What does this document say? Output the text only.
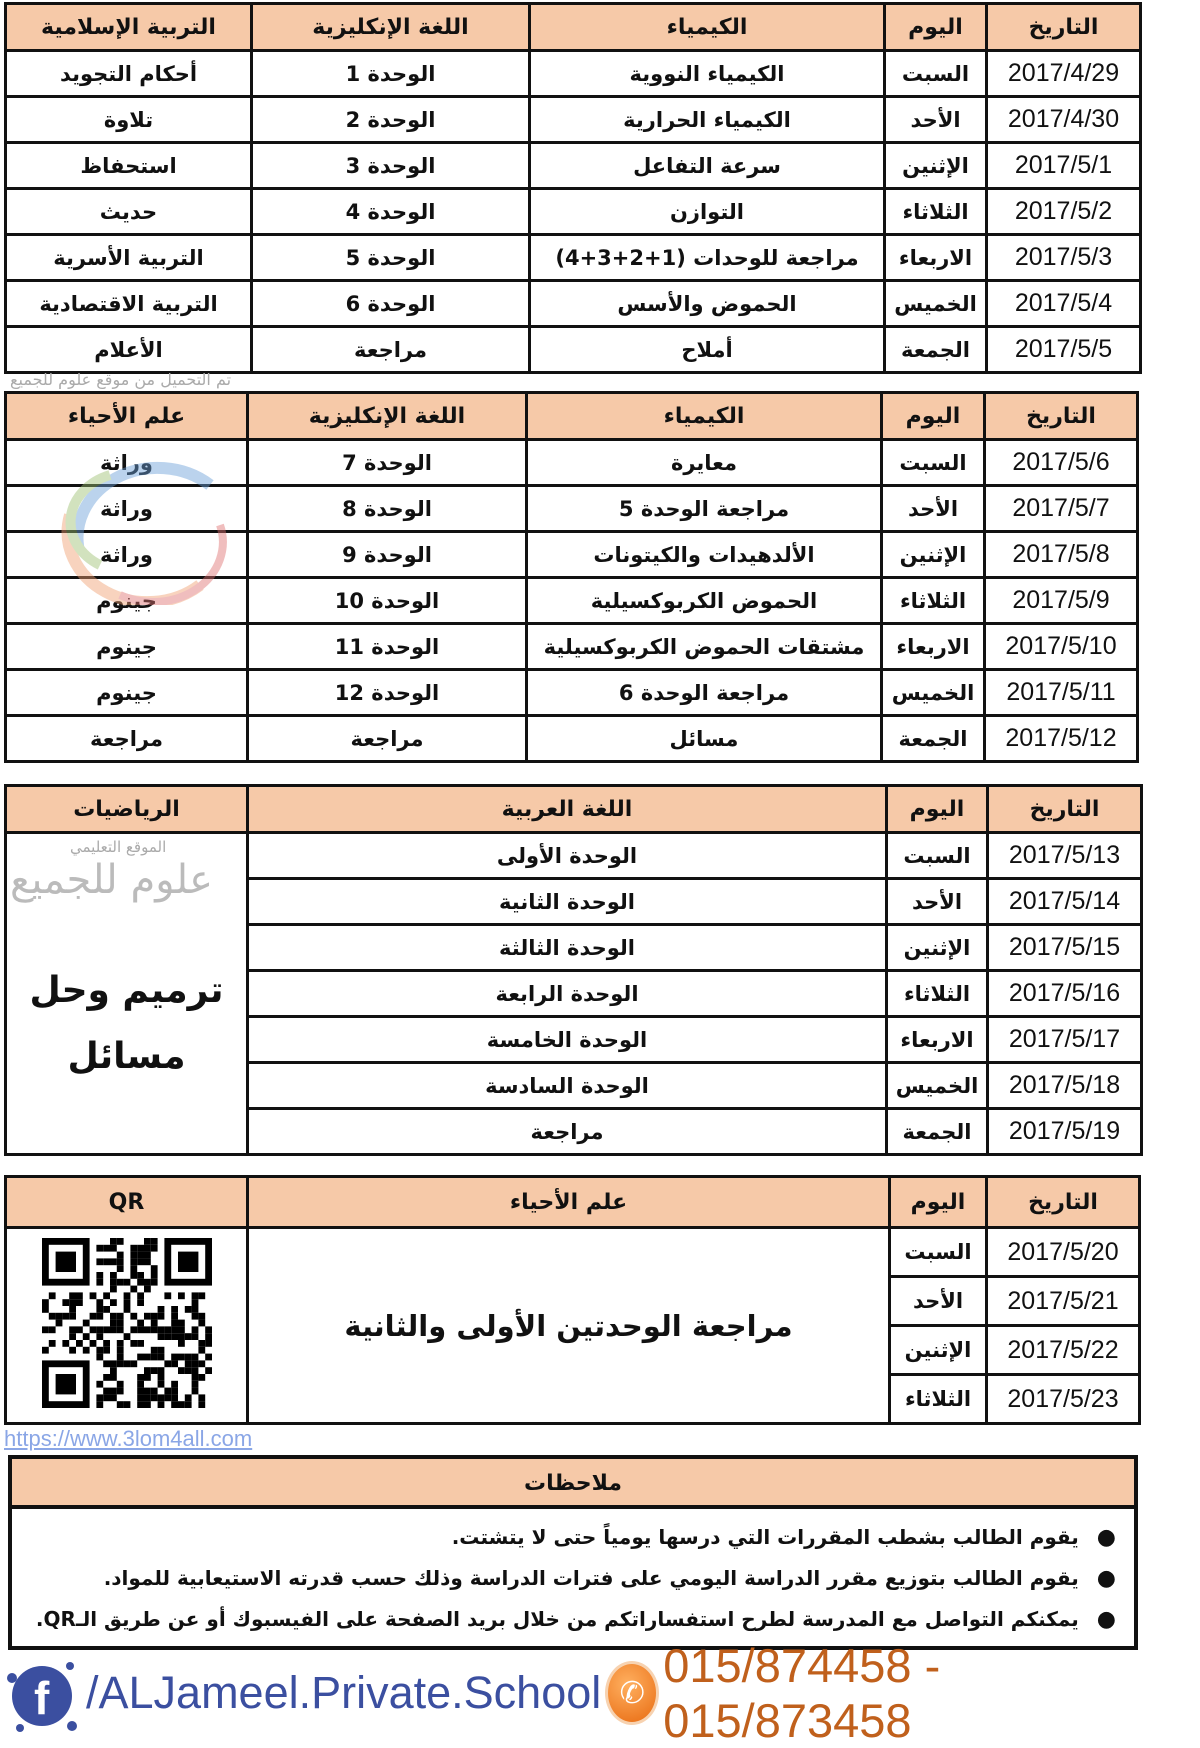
التاريخ	اليوم	الكيمياء	اللغة الإنكليزية	التربية الإسلامية
2017/4/29	السبت	الكيمياء النووية	الوحدة 1	أحكام التجويد
2017/4/30	الأحد	الكيمياء الحرارية	الوحدة 2	تلاوة
2017/5/1	الإثنين	سرعة التفاعل	الوحدة 3	استحفاظ
2017/5/2	الثلاثاء	التوازن	الوحدة 4	حديث
2017/5/3	الاربعاء	مراجعة للوحدات (1+2+3+4)	الوحدة 5	التربية الأسرية
2017/5/4	الخميس	الحموض والأسس	الوحدة 6	التربية الاقتصادية
2017/5/5	الجمعة	أملاح	مراجعة	الأعلام
التاريخ	اليوم	الكيمياء	اللغة الإنكليزية	علم الأحياء
2017/5/6	السبت	معايرة	الوحدة 7	وراثة
2017/5/7	الأحد	مراجعة الوحدة 5	الوحدة 8	وراثة
2017/5/8	الإثنين	الألدهيدات والكيتونات	الوحدة 9	وراثة
2017/5/9	الثلاثاء	الحموض الكربوكسيلية	الوحدة 10	جينوم
2017/5/10	الاربعاء	مشتقات الحموض الكربوكسيلية	الوحدة 11	جينوم
2017/5/11	الخميس	مراجعة الوحدة 6	الوحدة 12	جينوم
2017/5/12	الجمعة	مسائل	مراجعة	مراجعة
التاريخ	اليوم	اللغة العربية	الرياضيات
2017/5/13	السبت	الوحدة الأولى	ترميم وحل مسائل
2017/5/14	الأحد	الوحدة الثانية	
2017/5/15	الإثنين	الوحدة الثالثة	
2017/5/16	الثلاثاء	الوحدة الرابعة	
2017/5/17	الاربعاء	الوحدة الخامسة	
2017/5/18	الخميس	الوحدة السادسة	
2017/5/19	الجمعة	مراجعة	
التاريخ	اليوم	علم الأحياء	QR
2017/5/20	السبت	مراجعة الوحدتين الأولى والثانية	
2017/5/21	الأحد		
2017/5/22	الإثنين		
2017/5/23	الثلاثاء		
الموقع التعليمي
علوم للجميع
تم التحميل من موقع علوم للجميع
https://www.3lom4all.com
ملاحظات
●
يقوم الطالب بشطب المقررات التي درسها يومياً حتى لا يتشتت.
●
يقوم الطالب بتوزيع مقرر الدراسة اليومي على فترات الدراسة وذلك حسب قدرته الاستيعابية للمواد.
●
يمكنكم التواصل مع المدرسة لطرح استفساراتكم من خلال بريد الصفحة على الفيسبوك أو عن طريق الـQR.
f /ALJameel.Private.School ✆
015/874458 - 015/873458
